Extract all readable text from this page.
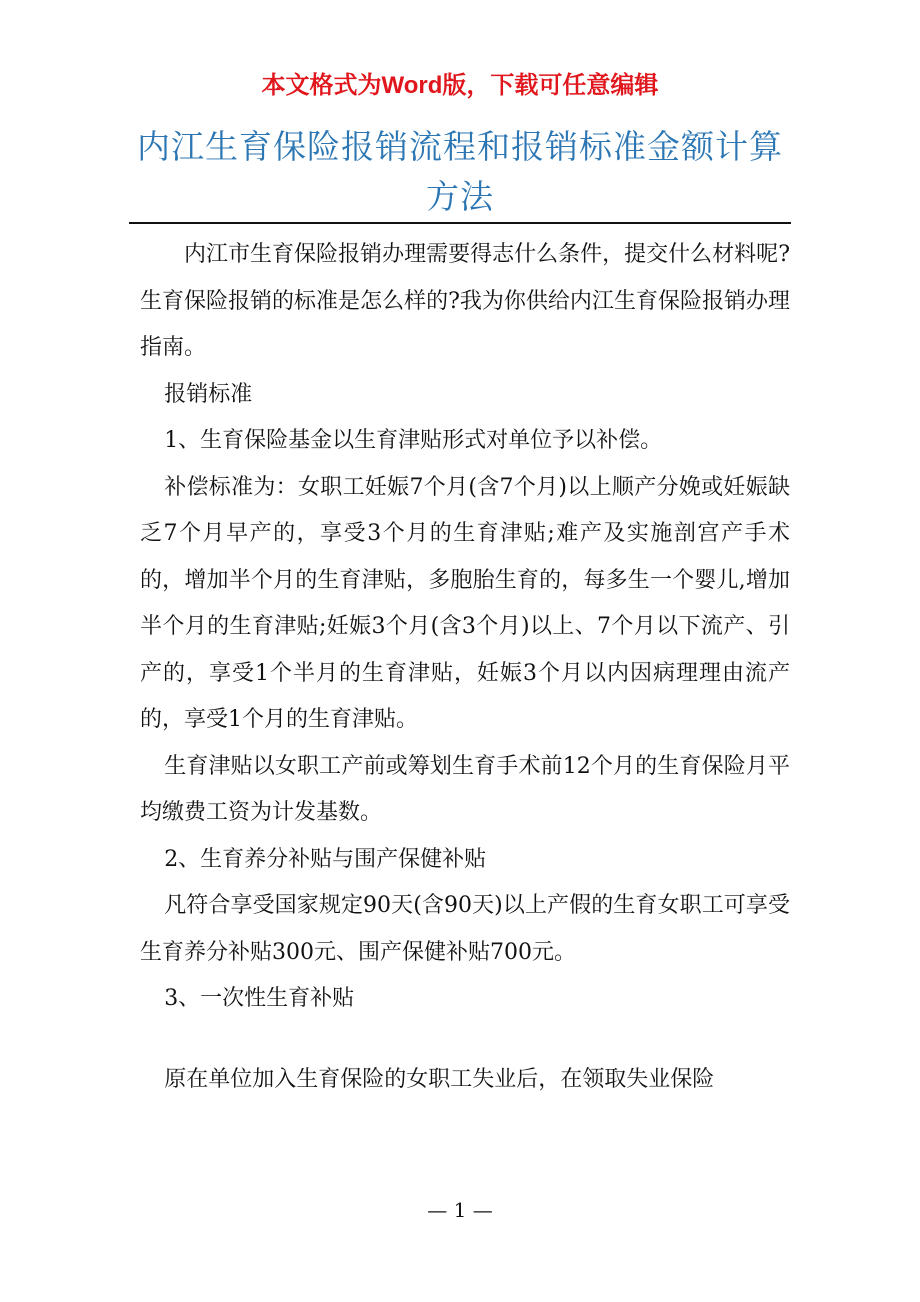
本文格式为Word版，下载可任意编辑
内江生育保险报销流程和报销标准金额计算方法

内江市生育保险报销办理需要得志什么条件，提交什么材料呢?生育保险报销的标准是怎么样的?我为你供给内江生育保险报销办理指南。

报销标准

1、生育保险基金以生育津贴形式对单位予以补偿。

补偿标准为：女职工妊娠7个月(含7个月)以上顺产分娩或妊娠缺乏7个月早产的，享受3个月的生育津贴;难产及实施剖宫产手术的，增加半个月的生育津贴，多胞胎生育的，每多生一个婴儿,增加半个月的生育津贴;妊娠3个月(含3个月)以上、7个月以下流产、引产的，享受1个半月的生育津贴，妊娠3个月以内因病理理由流产的，享受1个月的生育津贴。

生育津贴以女职工产前或筹划生育手术前12个月的生育保险月平均缴费工资为计发基数。

2、生育养分补贴与围产保健补贴

凡符合享受国家规定90天(含90天)以上产假的生育女职工可享受生育养分补贴300元、围产保健补贴700元。

3、一次性生育补贴

原在单位加入生育保险的女职工失业后，在领取失业保险

— 1 —
